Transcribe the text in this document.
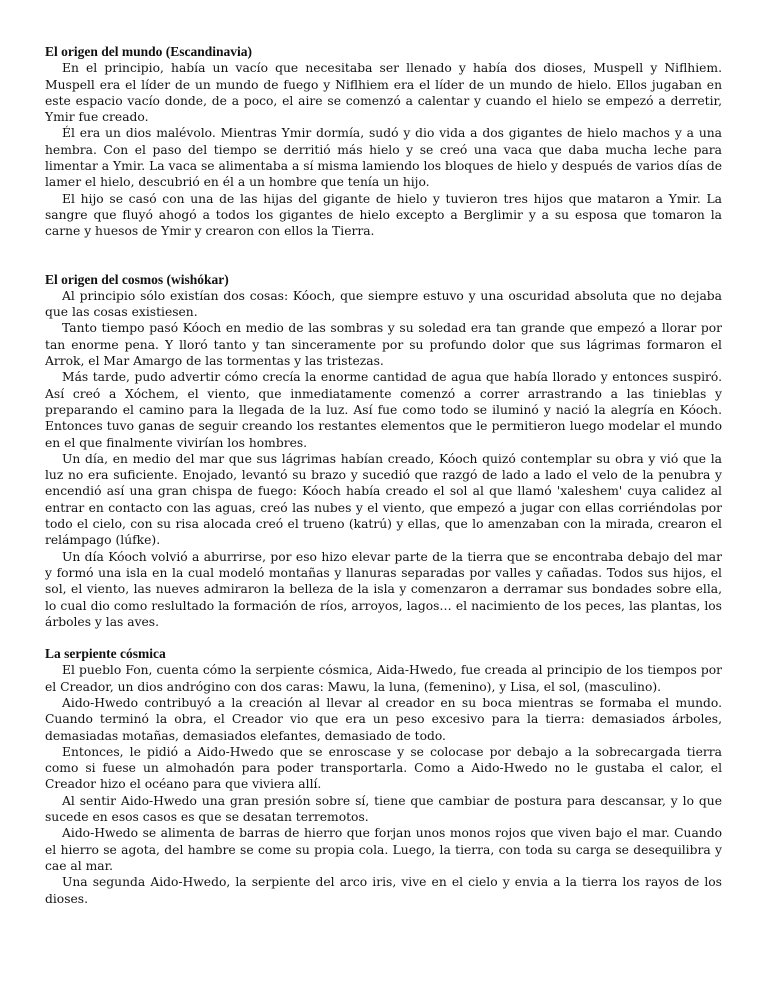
El origen del mundo (Escandinavia)

En el principio, había un vacío que necesitaba ser llenado y había dos dioses, Muspell y Niflhiem. Muspell era el líder de un mundo de fuego y Niflhiem era el líder de un mundo de hielo. Ellos jugaban en este espacio vacío donde, de a poco, el aire se comenzó a calentar y cuando el hielo se empezó a derretir, Ymir fue creado.

Él era un dios malévolo. Mientras Ymir dormía, sudó y dio vida a dos gigantes de hielo machos y a una hembra. Con el paso del tiempo se derritió más hielo y se creó una vaca que daba mucha leche para limentar a Ymir. La vaca se alimentaba a sí misma lamiendo los bloques de hielo y después de varios días de lamer el hielo, descubrió en él a un hombre que tenía un hijo.

El hijo se casó con una de las hijas del gigante de hielo y tuvieron tres hijos que mataron a Ymir. La sangre que fluyó ahogó a todos los gigantes de hielo excepto a Berglimir y a su esposa que tomaron la carne y huesos de Ymir y crearon con ellos la Tierra.

El origen del cosmos (wishókar)

Al principio sólo existían dos cosas: Kóoch, que siempre estuvo y una oscuridad absoluta que no dejaba que las cosas existiesen.

Tanto tiempo pasó Kóoch en medio de las sombras y su soledad era tan grande que empezó a llorar por tan enorme pena. Y lloró tanto y tan sinceramente por su profundo dolor que sus lágrimas formaron el Arrok, el Mar Amargo de las tormentas y las tristezas.

Más tarde, pudo advertir cómo crecía la enorme cantidad de agua que había llorado y entonces suspiró. Así creó a Xóchem, el viento, que inmediatamente comenzó a correr arrastrando a las tinieblas y preparando el camino para la llegada de la luz. Así fue como todo se iluminó y nació la alegría en Kóoch. Entonces tuvo ganas de seguir creando los restantes elementos que le permitieron luego modelar el mundo en el que finalmente vivirían los hombres.

Un día, en medio del mar que sus lágrimas habían creado, Kóoch quizó contemplar su obra y vió que la luz no era suficiente. Enojado, levantó su brazo y sucedió que razgó de lado a lado el velo de la penubra y encendió así una gran chispa de fuego: Kóoch había creado el sol al que llamó 'xaleshem' cuya calidez al entrar en contacto con las aguas, creó las nubes y el viento, que empezó a jugar con ellas corriéndolas por todo el cielo, con su risa alocada creó el trueno (katrú) y ellas, que lo amenzaban con la mirada, crearon el relámpago (lúfke).

Un día Kóoch volvió a aburrirse, por eso hizo elevar parte de la tierra que se encontraba debajo del mar y formó una isla en la cual modeló montañas y llanuras separadas por valles y cañadas. Todos sus hijos, el sol, el viento, las nueves admiraron la belleza de la isla y comenzaron a derramar sus bondades sobre ella, lo cual dio como reslultado la formación de ríos, arroyos, lagos… el nacimiento de los peces, las plantas, los árboles y las aves.

La serpiente cósmica

El pueblo Fon, cuenta cómo la serpiente cósmica, Aida-Hwedo, fue creada al principio de los tiempos por el Creador, un dios andrógino con dos caras: Mawu, la luna, (femenino), y Lisa, el sol, (masculino).

Aido-Hwedo contribuyó a la creación al llevar al creador en su boca mientras se formaba el mundo. Cuando terminó la obra, el Creador vio que era un peso excesivo para la tierra: demasiados árboles, demasiadas motañas, demasiados elefantes, demasiado de todo.

Entonces, le pidió a Aido-Hwedo que se enroscase y se colocase por debajo a la sobrecargada tierra como si fuese un almohadón para poder transportarla. Como a Aido-Hwedo no le gustaba el calor, el Creador hizo el océano para que viviera allí.

Al sentir Aido-Hwedo una gran presión sobre sí, tiene que cambiar de postura para descansar, y lo que sucede en esos casos es que se desatan terremotos.

Aido-Hwedo se alimenta de barras de hierro que forjan unos monos rojos que viven bajo el mar. Cuando el hierro se agota, del hambre se come su propia cola. Luego, la tierra, con toda su carga se desequilibra y cae al mar.

Una segunda Aido-Hwedo, la serpiente del arco iris, vive en el cielo y envia a la tierra los rayos de los dioses.
